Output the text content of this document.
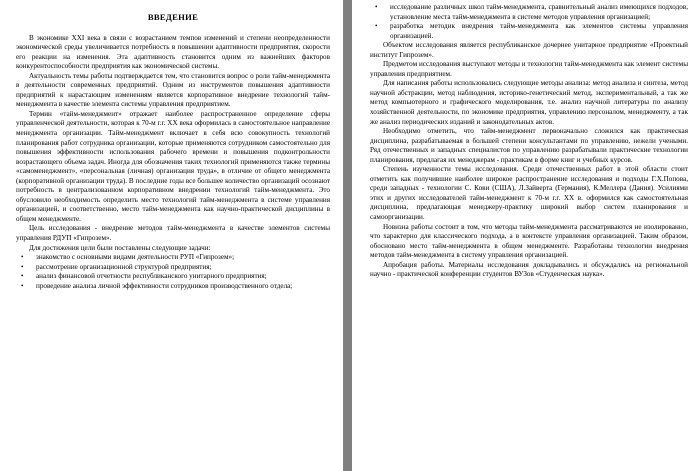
ВВЕДЕНИЕ

В экономике XXI века в связи с возрастанием темпов изменений и степени неопределенности экономической среды увеличивается потребность в повышении адаптивности предприятия, скорости его реакции на изменения. Эта адаптивность становится одним из важнейших факторов конкурентоспособности предприятия как экономической системы.

Актуальность темы работы подтверждается тем, что становится вопрос о роли тайм-менеджмента в деятельности современных предприятий. Одним из инструментов повышения адаптивности предприятий к нарастающим изменениям является корпоративное внедрение технологий тайм-менеджмента в качестве элемента системы управления предприятием.

Термин «тайм-менеджмент» отражает наиболее распространенное определение сферы управленческой деятельности, которая к 70-м г.г. XX века оформилась в самостоятельное направление менеджмента организации. Тайм-менеджмент включает в себя всю совокупность технологий планирования работ сотрудника организации, которые применяются сотрудником самостоятельно для повышения эффективности использования рабочего времени и повышения подконтрольности возрастающего объема задач. Иногда для обозначения таких технологий применяются также термины «самоменеджмент», «персональная (личная) организация труда», в отличие от общего менеджмента (корпоративной организации труда). В последние годы все большее количество организаций осознают потребность в централизованном корпоративном внедрении технологий тайм-менеджмента. Это обусловило необходимость определить место технологий тайм-менеджмента в системе управления организацией, и соответственно, место тайм-менеджмента как научно-практической дисциплины в общем менеджменте.

Цель исследования - внедрение методов тайм-менеджмента в качестве элементов системы управления РДУП «Гипрозем».

Для достижения цели были поставлены следующие задачи:

• знакомство с основными видами деятельности РУП «Гипрозем»;
• рассмотрение организационной структурой предприятия;
• анализ финансовой отчетности республиканского унитарного предприятия;
• проведение анализа личной эффективности сотрудников производственного отдела;
• исследование различных школ тайм-менеджмента, сравнительный анализ имеющихся подходов, установление места тайм-менеджмента в системе методов управления организацией;
• разработка методик внедрения тайм-менеджмента как элементов системы управления организацией.

Объектом исследования является республиканское дочернее унитарное предприятие «Проектный институт Гипрозем».

Предметом исследования выступают методы и технологии тайм-менеджмента как элемент системы управления предприятием.

Для написания работы использовались следующие методы анализа: метод анализа и синтеза, метод научной абстракции, метод наблюдения, историко-генетический метод, экспериментальный, а так же метод компьютерного и графического моделирования, т.е. анализ научной литературы по анализу хозяйственной деятельности, по экономике предприятия, управлению персоналом, менеджменту, а так же анализ периодических изданий и законодательных актов.

Необходимо отметить, что тайм-менеджмент первоначально сложился как практическая дисциплина, разрабатываемая в большей степени консультантами по управлению, нежели учеными. Ряд отечественных и западных специалистов по управлению разрабатывали практические технологии планирования, предлагая их менеджерам - практикам в форме книг и учебных курсов.

Степень изученности темы исследования. Среди отечественных работ в этой области стоит отметить как получившие наиболее широкое распространение исследования и подходы Г.Х.Попова, среди западных - технологии С. Кови (США), Л.Зайверта (Германия), К.Меллера (Дания). Усилиями этих и других исследователей тайм-менеджмент к 70-м г.г. XX в. оформился как самостоятельная дисциплина, предлагающая менеджеру-практику широкий выбор систем планирования и самоорганизации.

Новизна работы состоит в том, что методы тайм-менеджмента рассматриваются не изолированно, что характерно для классического подхода, а в контексте управления организацией. Таким образом, обосновано место тайм-менеджмента в общем менеджменте. Разработаны технологии внедрения методов тайм-менеджмента в систему управления организацией.

Апробация работы. Материалы исследования докладывались и обсуждались на региональной научно - практической конференции студентов ВУЗов «Студенческая наука».
